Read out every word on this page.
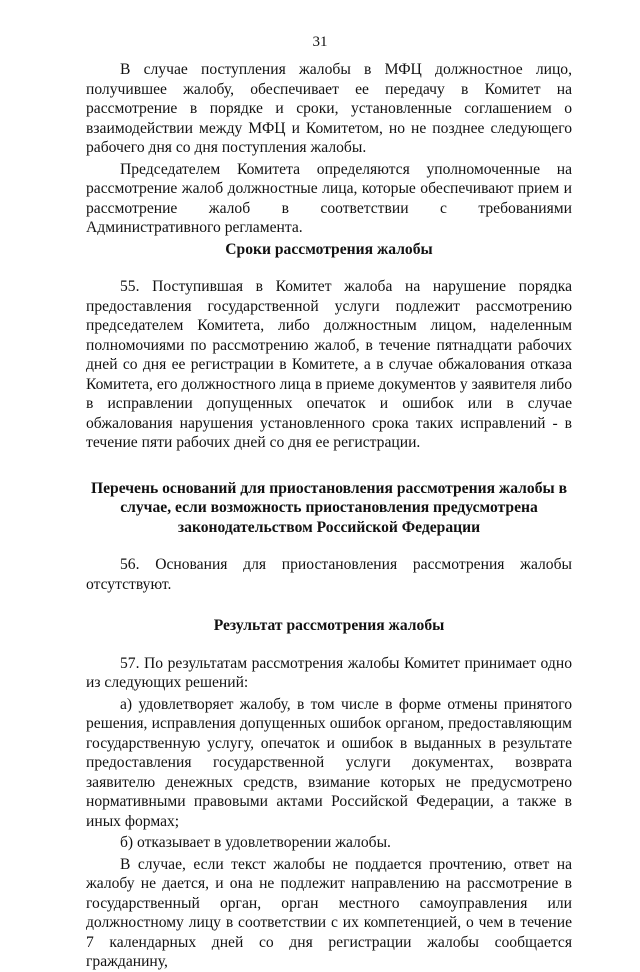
31

В случае поступления жалобы в МФЦ должностное лицо, получившее жалобу, обеспечивает ее передачу в Комитет на рассмотрение в порядке и сроки, установленные соглашением о взаимодействии между МФЦ и Комитетом, но не позднее следующего рабочего дня со дня поступления жалобы.

Председателем Комитета определяются уполномоченные на рассмотрение жалоб должностные лица, которые обеспечивают прием и рассмотрение жалоб в соответствии с требованиями Административного регламента.

Сроки рассмотрения жалобы

55. Поступившая в Комитет жалоба на нарушение порядка предоставления государственной услуги подлежит рассмотрению председателем Комитета, либо должностным лицом, наделенным полномочиями по рассмотрению жалоб, в течение пятнадцати рабочих дней со дня ее регистрации в Комитете, а в случае обжалования отказа Комитета, его должностного лица в приеме документов у заявителя либо в исправлении допущенных опечаток и ошибок или в случае обжалования нарушения установленного срока таких исправлений - в течение пяти рабочих дней со дня ее регистрации.

Перечень оснований для приостановления рассмотрения жалобы в случае, если возможность приостановления предусмотрена законодательством Российской Федерации

56. Основания для приостановления рассмотрения жалобы отсутствуют.

Результат рассмотрения жалобы

57. По результатам рассмотрения жалобы Комитет принимает одно из следующих решений:

а) удовлетворяет жалобу, в том числе в форме отмены принятого решения, исправления допущенных ошибок органом, предоставляющим государственную услугу, опечаток и ошибок в выданных в результате предоставления государственной услуги документах, возврата заявителю денежных средств, взимание которых не предусмотрено нормативными правовыми актами Российской Федерации, а также в иных формах;

б) отказывает в удовлетворении жалобы.

В случае, если текст жалобы не поддается прочтению, ответ на жалобу не дается, и она не подлежит направлению на рассмотрение в государственный орган, орган местного самоуправления или должностному лицу в соответствии с их компетенцией, о чем в течение 7 календарных дней со дня регистрации жалобы сообщается гражданину,
